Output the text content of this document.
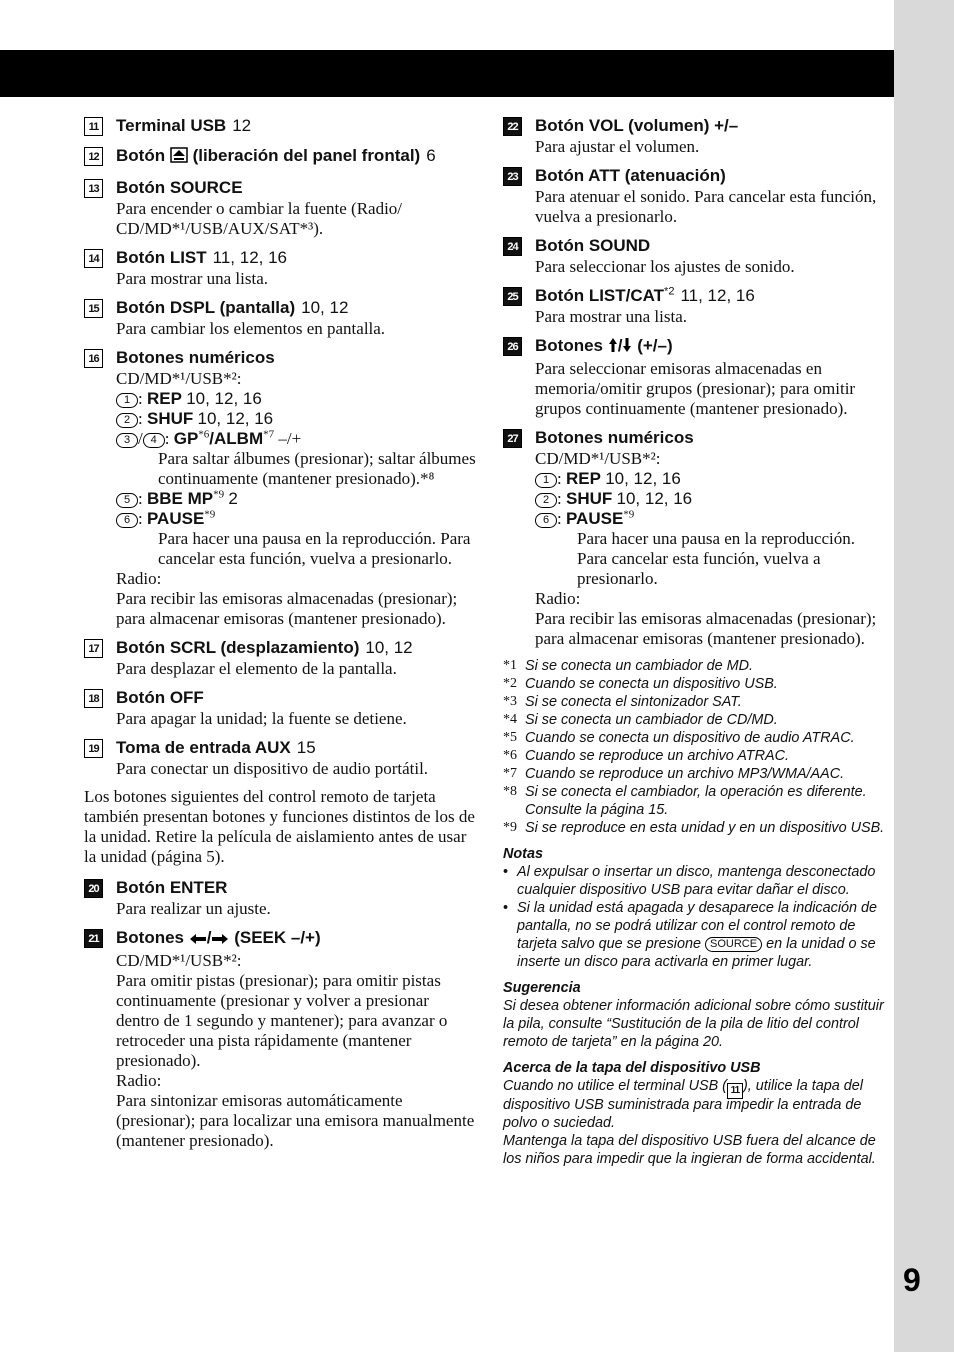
9
11 Terminal USB 12
12 Botón (liberación del panel frontal) 6
13 Botón SOURCE
Para encender o cambiar la fuente (Radio/ CD/MD*¹/USB/AUX/SAT*³).
14 Botón LIST 11, 12, 16
Para mostrar una lista.
15 Botón DSPL (pantalla) 10, 12
Para cambiar los elementos en pantalla.
16 Botones numéricos
CD/MD*¹/USB*²:
1 : REP 10, 12, 16
2 : SHUF 10, 12, 16
3 / 4 : GP$^{*6}$/ALBM$^{*7}$ –/+
Para saltar álbumes (presionar); saltar álbumes continuamente (mantener presionado).*⁸
5 : BBE MP$^{*9}$ 2
6 : PAUSE$^{*9}$
Para hacer una pausa en la reproducción. Para cancelar esta función, vuelva a presionarlo.
Radio:
Para recibir las emisoras almacenadas (presionar); para almacenar emisoras (mantener presionado).
17 Botón SCRL (desplazamiento) 10, 12
Para desplazar el elemento de la pantalla.
18 Botón OFF
Para apagar la unidad; la fuente se detiene.
19 Toma de entrada AUX 15
Para conectar un dispositivo de audio portátil.
Los botones siguientes del control remoto de tarjeta también presentan botones y funciones distintos de los de la unidad. Retire la película de aislamiento antes de usar la unidad (página 5).
20 Botón ENTER
Para realizar un ajuste.
21 Botones / (SEEK –/+)
CD/MD*¹/USB*²:
Para omitir pistas (presionar); para omitir pistas continuamente (presionar y volver a presionar dentro de 1 segundo y mantener); para avanzar o retroceder una pista rápidamente (mantener presionado).
Radio:
Para sintonizar emisoras automáticamente (presionar); para localizar una emisora manualmente (mantener presionado).
22 Botón VOL (volumen) +/–
Para ajustar el volumen.
23 Botón ATT (atenuación)
Para atenuar el sonido. Para cancelar esta función, vuelva a presionarlo.
24 Botón SOUND
Para seleccionar los ajustes de sonido.
25 Botón LIST/CAT$^{*2}$ 11, 12, 16
Para mostrar una lista.
26 Botones / (+/–)
Para seleccionar emisoras almacenadas en memoria/omitir grupos (presionar); para omitir grupos continuamente (mantener presionado).
27 Botones numéricos
CD/MD*¹/USB*²:
1 : REP 10, 12, 16
2 : SHUF 10, 12, 16
6 : PAUSE$^{*9}$
Para hacer una pausa en la reproducción. Para cancelar esta función, vuelva a presionarlo.
Radio:
Para recibir las emisoras almacenadas (presionar); para almacenar emisoras (mantener presionado).
*1 Si se conecta un cambiador de MD.
*2 Cuando se conecta un dispositivo USB.
*3 Si se conecta el sintonizador SAT.
*4 Si se conecta un cambiador de CD/MD.
*5 Cuando se conecta un dispositivo de audio ATRAC.
*6 Cuando se reproduce un archivo ATRAC.
*7 Cuando se reproduce un archivo MP3/WMA/AAC.
*8 Si se conecta el cambiador, la operación es diferente. Consulte la página 15.
*9 Si se reproduce en esta unidad y en un dispositivo USB.
Notas
• Al expulsar o insertar un disco, mantenga desconectado cualquier dispositivo USB para evitar dañar el disco.
• Si la unidad está apagada y desaparece la indicación de pantalla, no se podrá utilizar con el control remoto de tarjeta salvo que se presione SOURCE en la unidad o se inserte un disco para activarla en primer lugar.
Sugerencia
Si desea obtener información adicional sobre cómo sustituir la pila, consulte “Sustitución de la pila de litio del control remoto de tarjeta” en la página 20.
Acerca de la tapa del dispositivo USB
Cuando no utilice el terminal USB ( 11 ), utilice la tapa del dispositivo USB suministrada para impedir la entrada de polvo o suciedad.
Mantenga la tapa del dispositivo USB fuera del alcance de los niños para impedir que la ingieran de forma accidental.
